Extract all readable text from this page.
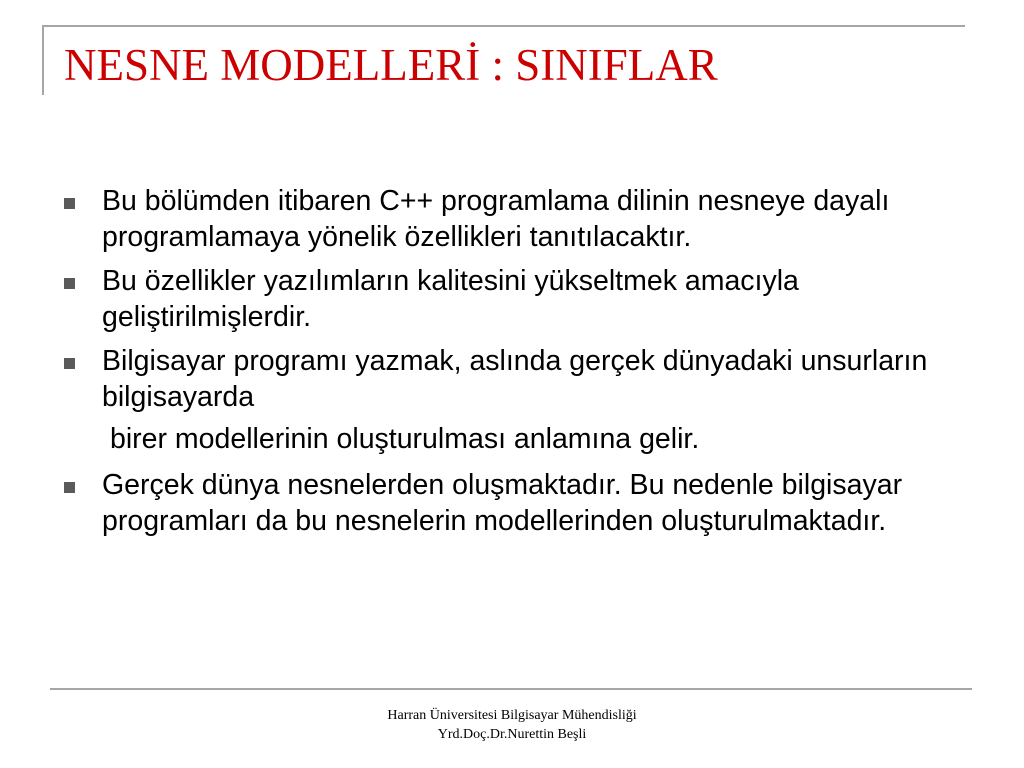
NESNE MODELLERİ : SINIFLAR
Bu bölümden itibaren C++ programlama dilinin nesneye dayalı programlamaya yönelik özellikleri tanıtılacaktır.
Bu özellikler yazılımların kalitesini yükseltmek amacıyla geliştirilmişlerdir.
Bilgisayar programı yazmak, aslında gerçek dünyadaki unsurların bilgisayarda
birer modellerinin oluşturulması anlamına gelir.
Gerçek dünya nesnelerden oluşmaktadır. Bu nedenle bilgisayar programları da bu nesnelerin modellerinden oluşturulmaktadır.
Harran Üniversitesi Bilgisayar Mühendisliği
Yrd.Doç.Dr.Nurettin Beşli
